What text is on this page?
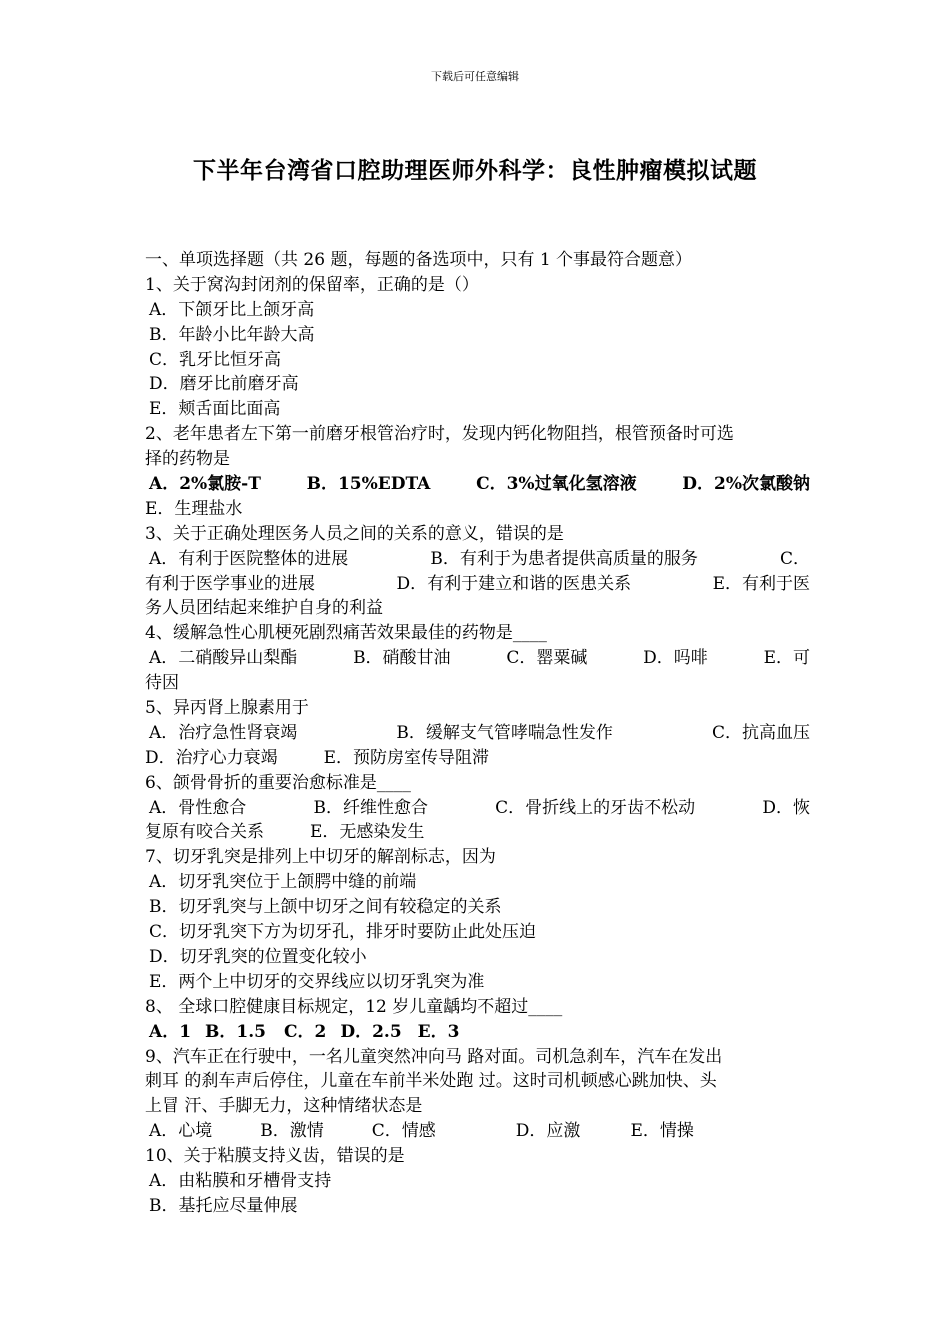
下载后可任意编辑
下半年台湾省口腔助理医师外科学：良性肿瘤模拟试题
一、单项选择题（共 26 题，每题的备选项中，只有 1 个事最符合题意）
1、关于窝沟封闭剂的保留率，正确的是（）
A．下颌牙比上颌牙高
B．年龄小比年龄大高
C．乳牙比恒牙高
D．磨牙比前磨牙高
E．颊舌面比面高
2、老年患者左下第一前磨牙根管治疗时，发现内钙化物阻挡，根管预备时可选
择的药物是
A．2%氯胺-T	B．15%EDTA	C．3%过氧化氢溶液	D．2%次氯酸钠
E．生理盐水
3、关于正确处理医务人员之间的关系的意义，错误的是
A．有利于医院整体的进展	B．有利于为患者提供高质量的服务	C．
有利于医学事业的进展	D．有利于建立和谐的医患关系	E．有利于医
务人员团结起来维护自身的利益
4、缓解急性心肌梗死剧烈痛苦效果最佳的药物是____
A．二硝酸异山梨酯	B．硝酸甘油	C．罂粟碱	D．吗啡	E．可
待因
5、异丙肾上腺素用于
A．治疗急性肾衰竭	B．缓解支气管哮喘急性发作	C．抗高血压
D．治疗心力衰竭	E．预防房室传导阻滞
6、颌骨骨折的重要治愈标准是____
A．骨性愈合	B．纤维性愈合	C．骨折线上的牙齿不松动	D．恢
复原有咬合关系	E．无感染发生
7、切牙乳突是排列上中切牙的解剖标志，因为
A．切牙乳突位于上颌腭中缝的前端
B．切牙乳突与上颌中切牙之间有较稳定的关系
C．切牙乳突下方为切牙孔，排牙时要防止此处压迫
D．切牙乳突的位置变化较小
E．两个上中切牙的交界线应以切牙乳突为准
8、 全球口腔健康目标规定，12 岁儿童龋均不超过____
A．1 B．1.5 C．2 D．2.5 E．3
9、汽车正在行驶中，一名儿童突然冲向马 路对面。司机急刹车，汽车在发出
刺耳 的刹车声后停住，儿童在车前半米处跑 过。这时司机顿感心跳加快、头
上冒 汗、手脚无力，这种情绪状态是
A．心境	B．激情	C．情感	D．应激	E．情操
10、关于粘膜支持义齿，错误的是
A．由粘膜和牙槽骨支持
B．基托应尽量伸展
